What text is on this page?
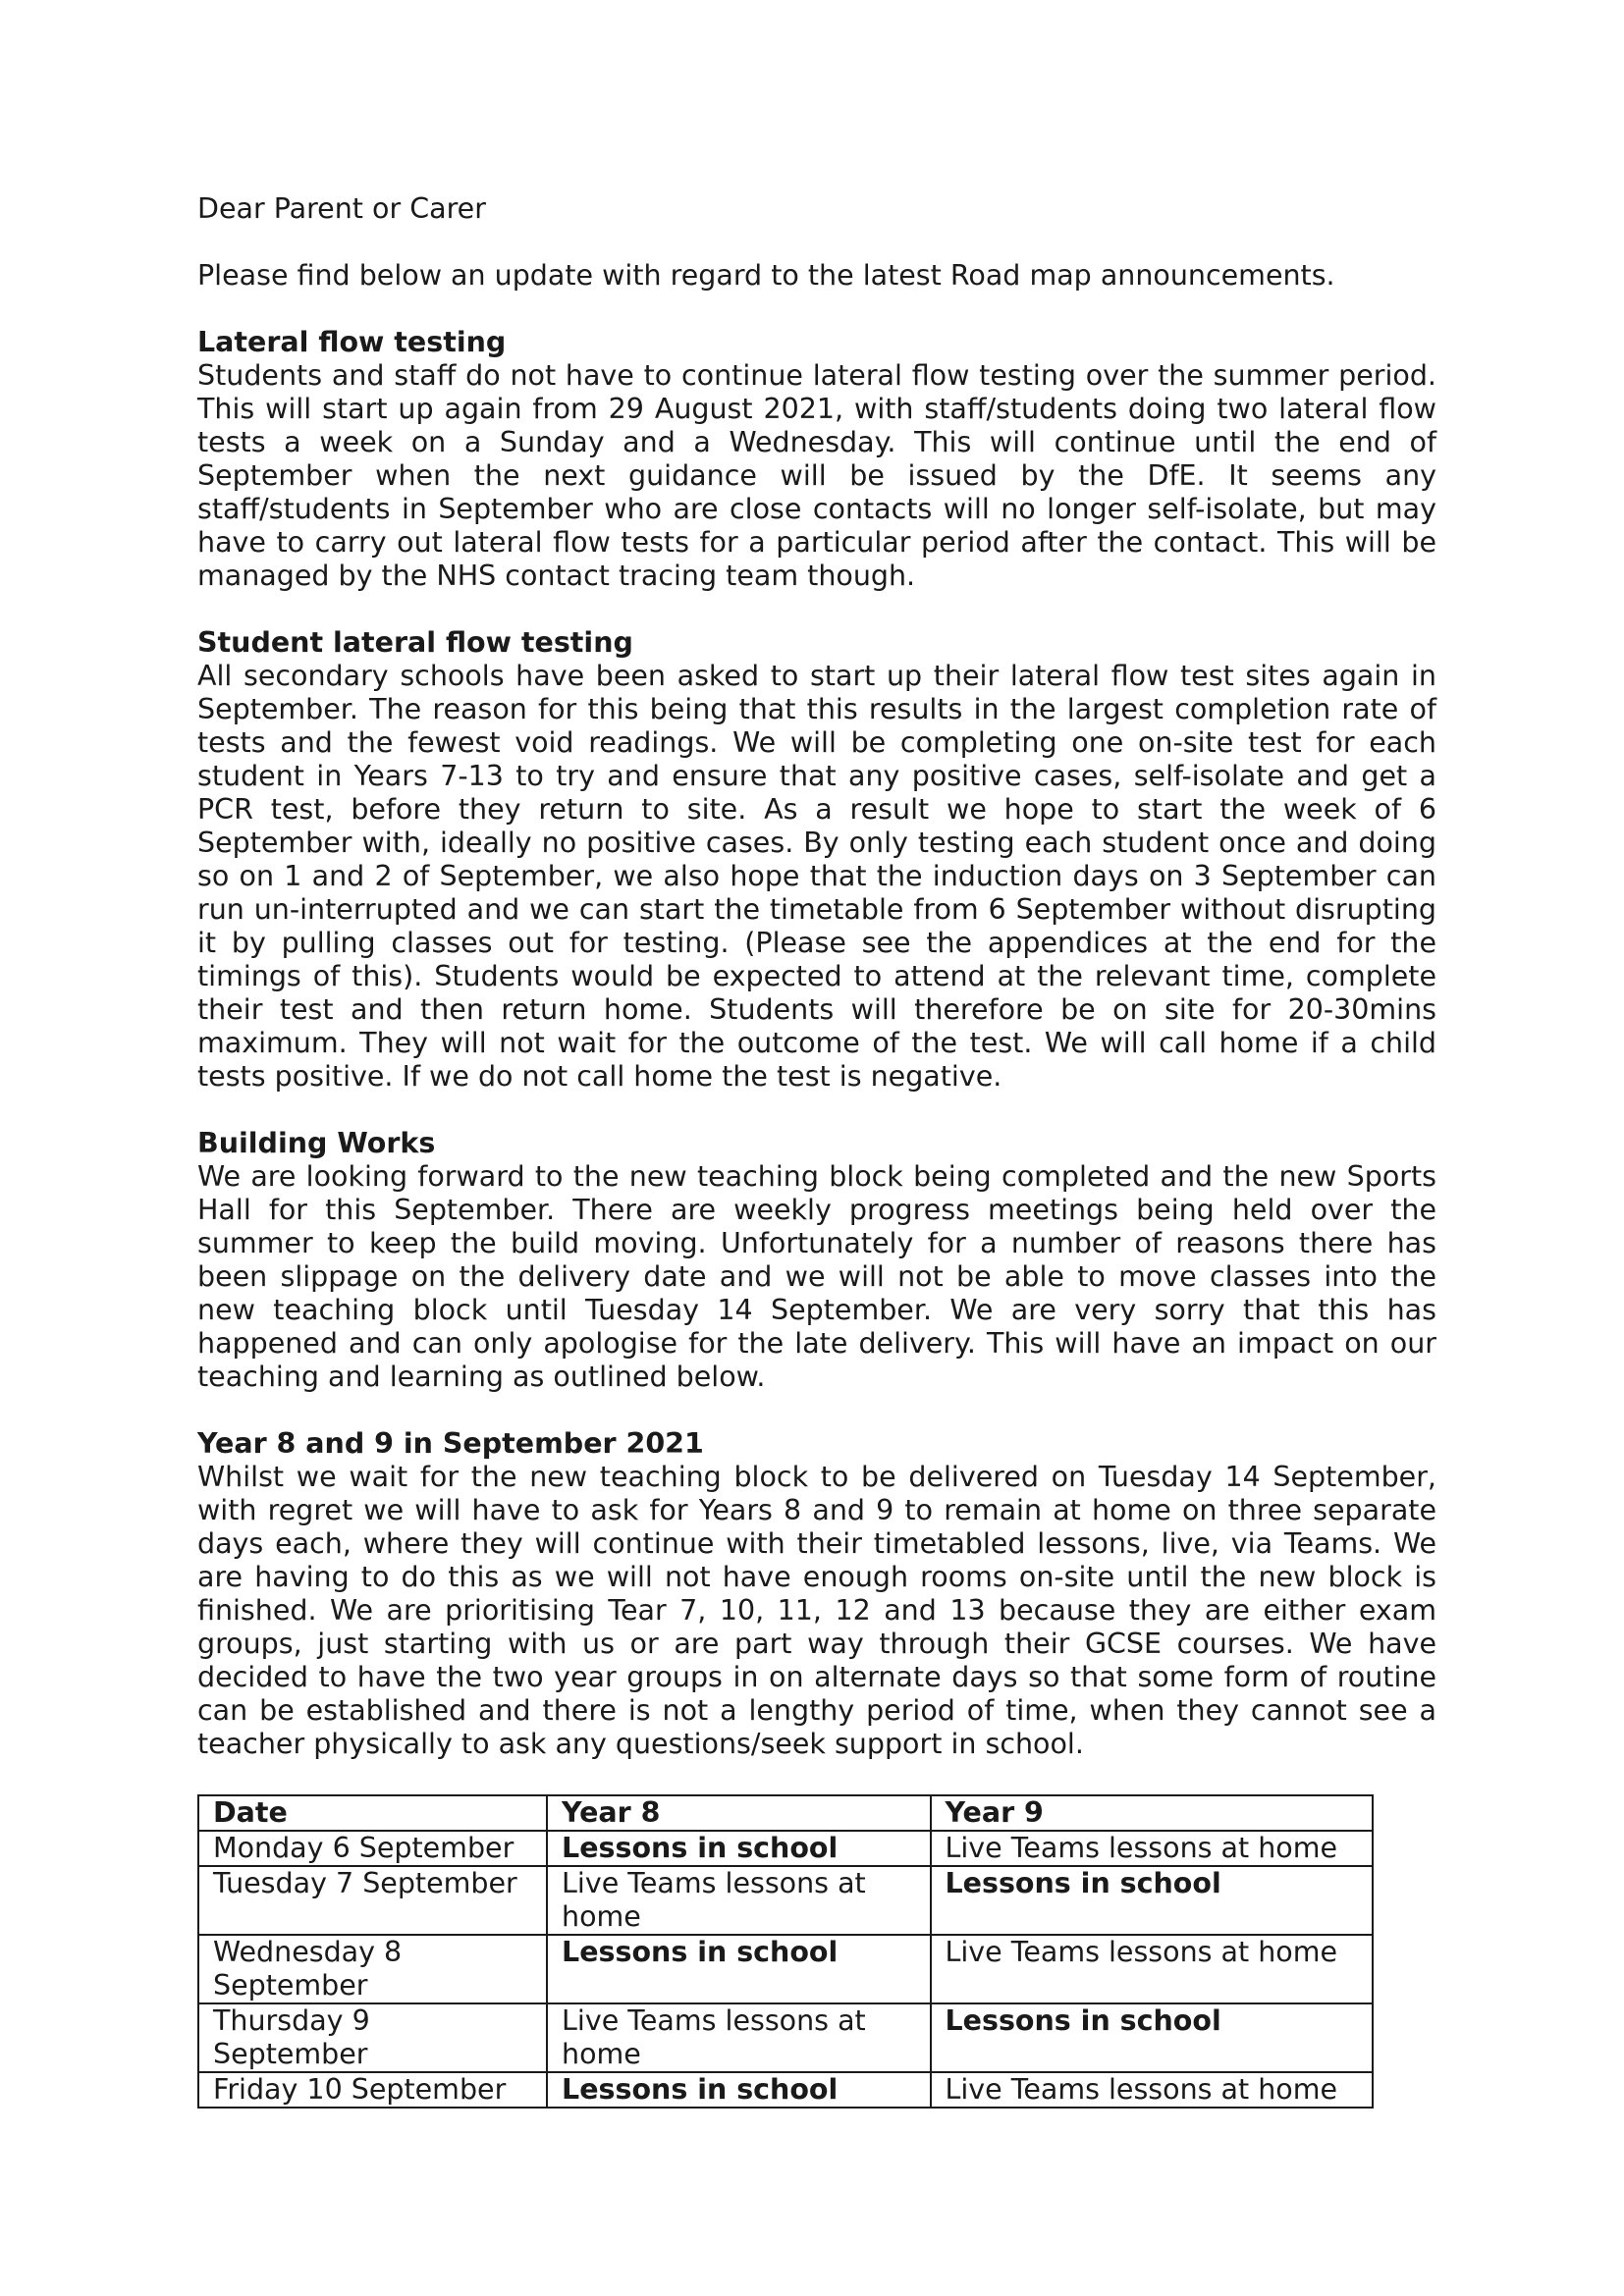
Dear Parent or Carer

Please find below an update with regard to the latest Road map announcements.

Lateral flow testing

Students and staff do not have to continue lateral flow testing over the summer period. This will start up again from 29 August 2021, with staff/students doing two lateral flow tests a week on a Sunday and a Wednesday. This will continue until the end of September when the next guidance will be issued by the DfE. It seems any staff/students in September who are close contacts will no longer self-isolate, but may have to carry out lateral flow tests for a particular period after the contact. This will be managed by the NHS contact tracing team though.

Student lateral flow testing

All secondary schools have been asked to start up their lateral flow test sites again in September. The reason for this being that this results in the largest completion rate of tests and the fewest void readings. We will be completing one on-site test for each student in Years 7-13 to try and ensure that any positive cases, self-isolate and get a PCR test, before they return to site. As a result we hope to start the week of 6 September with, ideally no positive cases. By only testing each student once and doing so on 1 and 2 of September, we also hope that the induction days on 3 September can run un-interrupted and we can start the timetable from 6 September without disrupting it by pulling classes out for testing. (Please see the appendices at the end for the timings of this). Students would be expected to attend at the relevant time, complete their test and then return home. Students will therefore be on site for 20-30mins maximum. They will not wait for the outcome of the test. We will call home if a child tests positive. If we do not call home the test is negative.

Building Works

We are looking forward to the new teaching block being completed and the new Sports Hall for this September. There are weekly progress meetings being held over the summer to keep the build moving. Unfortunately for a number of reasons there has been slippage on the delivery date and we will not be able to move classes into the new teaching block until Tuesday 14 September. We are very sorry that this has happened and can only apologise for the late delivery. This will have an impact on our teaching and learning as outlined below.

Year 8 and 9 in September 2021

Whilst we wait for the new teaching block to be delivered on Tuesday 14 September, with regret we will have to ask for Years 8 and 9 to remain at home on three separate days each, where they will continue with their timetabled lessons, live, via Teams. We are having to do this as we will not have enough rooms on-site until the new block is finished. We are prioritising Tear 7, 10, 11, 12 and 13 because they are either exam groups, just starting with us or are part way through their GCSE courses. We have decided to have the two year groups in on alternate days so that some form of routine can be established and there is not a lengthy period of time, when they cannot see a teacher physically to ask any questions/seek support in school.

Date	Year 8	Year 9
Monday 6 September	Lessons in school	Live Teams lessons at home
Tuesday 7 September	Live Teams lessons at home	Lessons in school
Wednesday 8 September	Lessons in school	Live Teams lessons at home
Thursday 9 September	Live Teams lessons at home	Lessons in school
Friday 10 September	Lessons in school	Live Teams lessons at home
